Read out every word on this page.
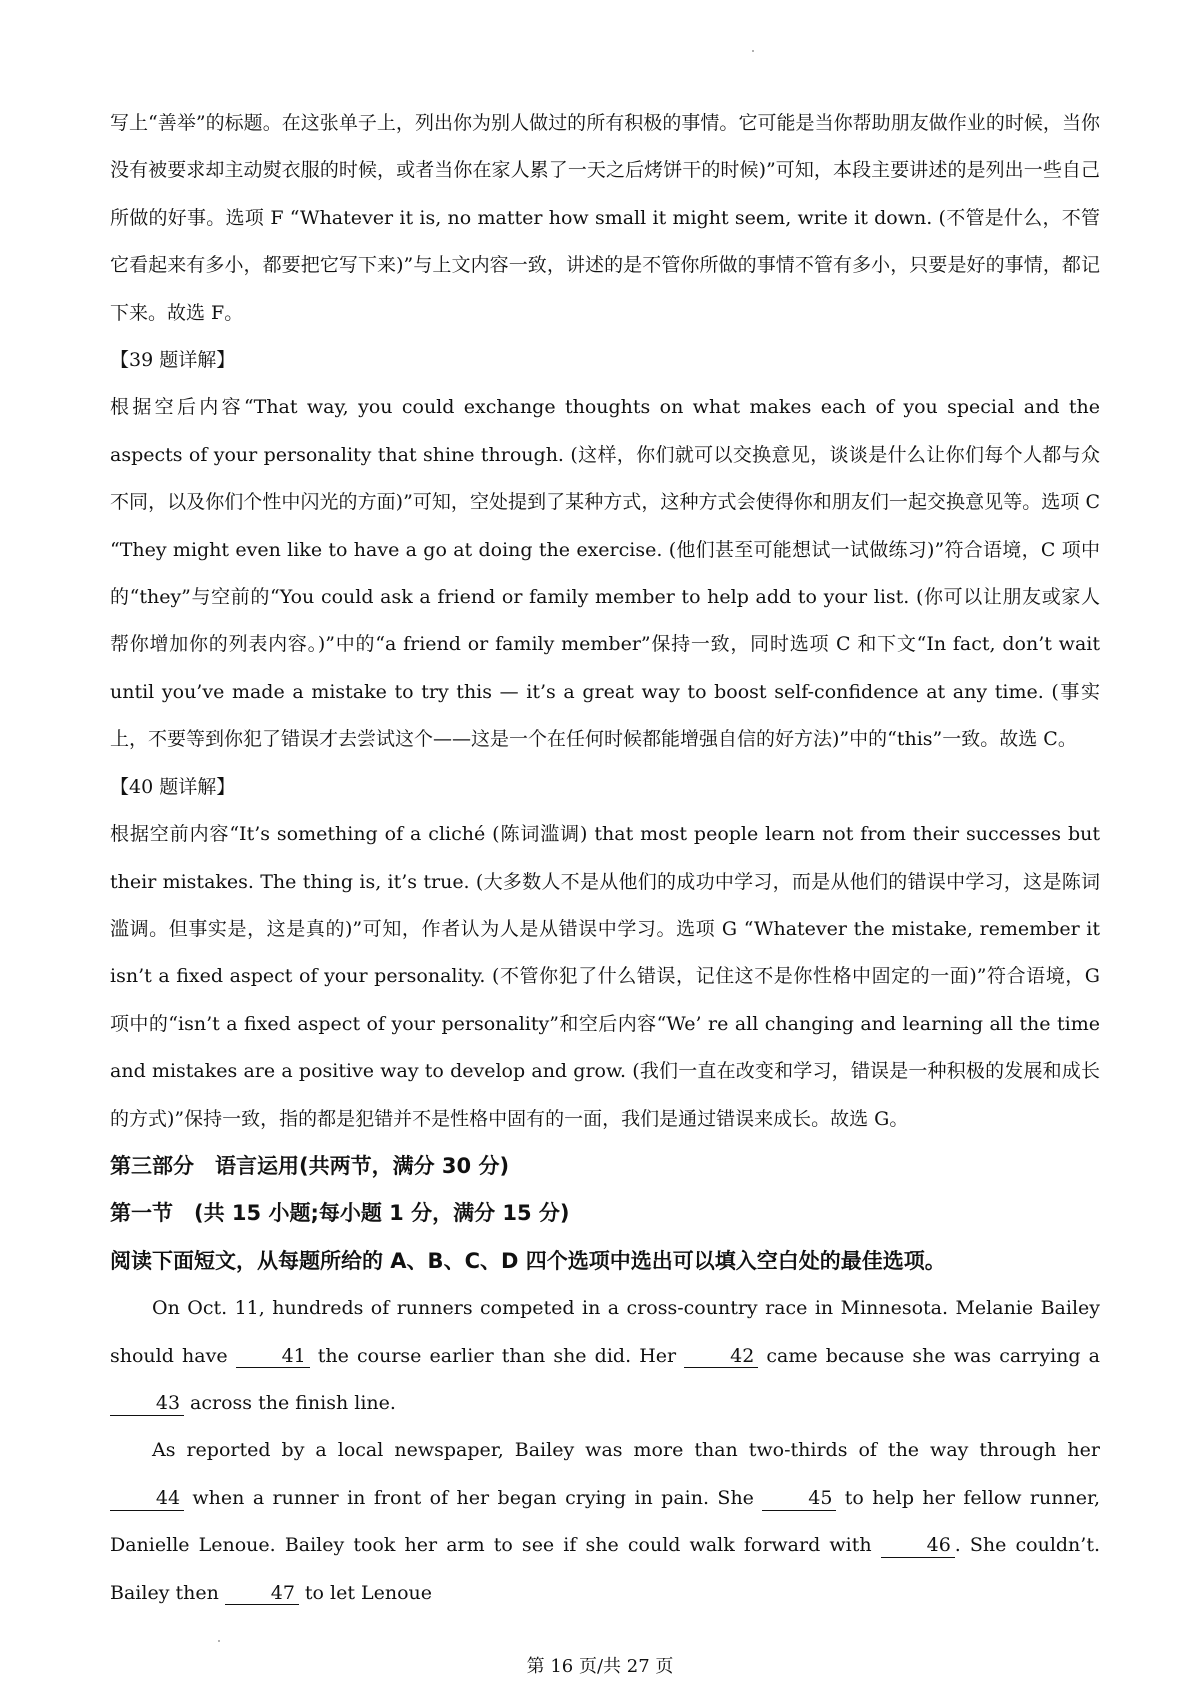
写上“善举”的标题。在这张单子上，列出你为别人做过的所有积极的事情。它可能是当你帮助朋友做作业的时候，当你没有被要求却主动熨衣服的时候，或者当你在家人累了一天之后烤饼干的时候)”可知，本段主要讲述的是列出一些自己所做的好事。选项 F “Whatever it is, no matter how small it might seem, write it down. (不管是什么，不管它看起来有多小，都要把它写下来)”与上文内容一致，讲述的是不管你所做的事情不管有多小，只要是好的事情，都记下来。故选 F。

【39 题详解】

根据空后内容“That way, you could exchange thoughts on what makes each of you special and the aspects of your personality that shine through. (这样，你们就可以交换意见，谈谈是什么让你们每个人都与众不同，以及你们个性中闪光的方面)”可知，空处提到了某种方式，这种方式会使得你和朋友们一起交换意见等。选项 C “They might even like to have a go at doing the exercise. (他们甚至可能想试一试做练习)”符合语境，C 项中的“they”与空前的“You could ask a friend or family member to help add to your list. (你可以让朋友或家人帮你增加你的列表内容。)”中的“a friend or family member”保持一致，同时选项 C 和下文“In fact, don’t wait until you’ve made a mistake to try this — it’s a great way to boost self-confidence at any time. (事实上，不要等到你犯了错误才去尝试这个——这是一个在任何时候都能增强自信的好方法)”中的“this”一致。故选 C。

【40 题详解】

根据空前内容“It’s something of a cliché (陈词滥调) that most people learn not from their successes but their mistakes. The thing is, it’s true. (大多数人不是从他们的成功中学习，而是从他们的错误中学习，这是陈词滥调。但事实是，这是真的)”可知，作者认为人是从错误中学习。选项 G “Whatever the mistake, remember it isn’t a fixed aspect of your personality. (不管你犯了什么错误，记住这不是你性格中固定的一面)”符合语境，G 项中的“isn’t a fixed aspect of your personality”和空后内容“We’ re all changing and learning all the time and mistakes are a positive way to develop and grow. (我们一直在改变和学习，错误是一种积极的发展和成长的方式)”保持一致，指的都是犯错并不是性格中固有的一面，我们是通过错误来成长。故选 G。

第三部分　语言运用(共两节，满分 30 分)

第一节　(共 15 小题;每小题 1 分，满分 15 分)

阅读下面短文，从每题所给的 A、B、C、D 四个选项中选出可以填入空白处的最佳选项。

On Oct. 11, hundreds of runners competed in a cross-country race in Minnesota. Melanie Bailey should have 41 the course earlier than she did. Her 42 came because she was carrying a 43 across the finish line.

As reported by a local newspaper, Bailey was more than two-thirds of the way through her 44 when a runner in front of her began crying in pain. She 45 to help her fellow runner, Danielle Lenoue. Bailey took her arm to see if she could walk forward with 46 . She couldn’t. Bailey then 47 to let Lenoue

第 16 页/共 27 页
